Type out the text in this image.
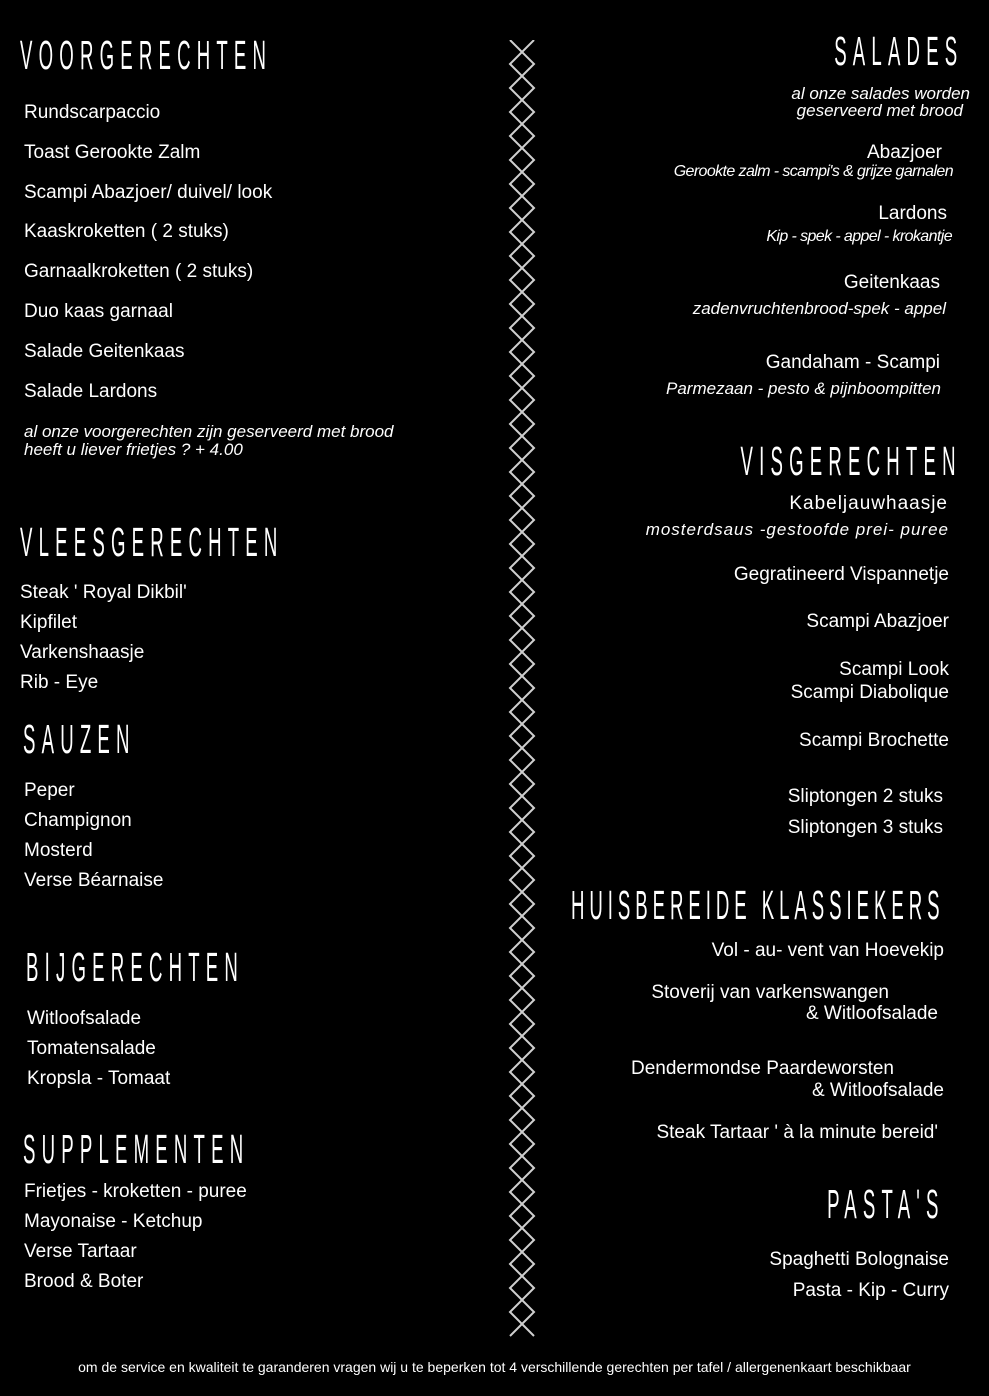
VOORGERECHTEN
Rundscarpaccio
Toast Gerookte Zalm
Scampi Abazjoer/ duivel/ look
Kaaskroketten ( 2 stuks)
Garnaalkroketten ( 2 stuks)
Duo kaas garnaal
Salade Geitenkaas
Salade Lardons
al onze voorgerechten zijn geserveerd met brood
heeft u liever frietjes ? + 4.00
VLEESGERECHTEN
Steak ' Royal Dikbil'
Kipfilet
Varkenshaasje
Rib - Eye
SAUZEN
Peper
Champignon
Mosterd
Verse Béarnaise
BIJGERECHTEN
Witloofsalade
Tomatensalade
Kropsla - Tomaat
SUPPLEMENTEN
Frietjes - kroketten - puree
Mayonaise - Ketchup
Verse Tartaar
Brood & Boter
SALADES
al onze salades worden
geserveerd met brood
Abazjoer
Gerookte zalm - scampi's & grijze garnalen
Lardons
Kip - spek - appel - krokantje
Geitenkaas
zadenvruchtenbrood-spek - appel
Gandaham - Scampi
Parmezaan - pesto & pijnboompitten
VISGERECHTEN
Kabeljauwhaasje
mosterdsaus -gestoofde prei- puree
Gegratineerd Vispannetje
Scampi Abazjoer
Scampi Look
Scampi Diabolique
Scampi Brochette
Sliptongen 2 stuks
Sliptongen 3 stuks
HUISBEREIDE KLASSIEKERS
Vol - au- vent van Hoevekip
Stoverij van varkenswangen
& Witloofsalade
Dendermondse Paardeworsten
& Witloofsalade
Steak Tartaar ' à la minute bereid'
PASTA'S
Spaghetti Bolognaise
Pasta - Kip - Curry
om de service en kwaliteit te garanderen vragen wij u te beperken tot 4 verschillende gerechten per tafel / allergenenkaart beschikbaar
